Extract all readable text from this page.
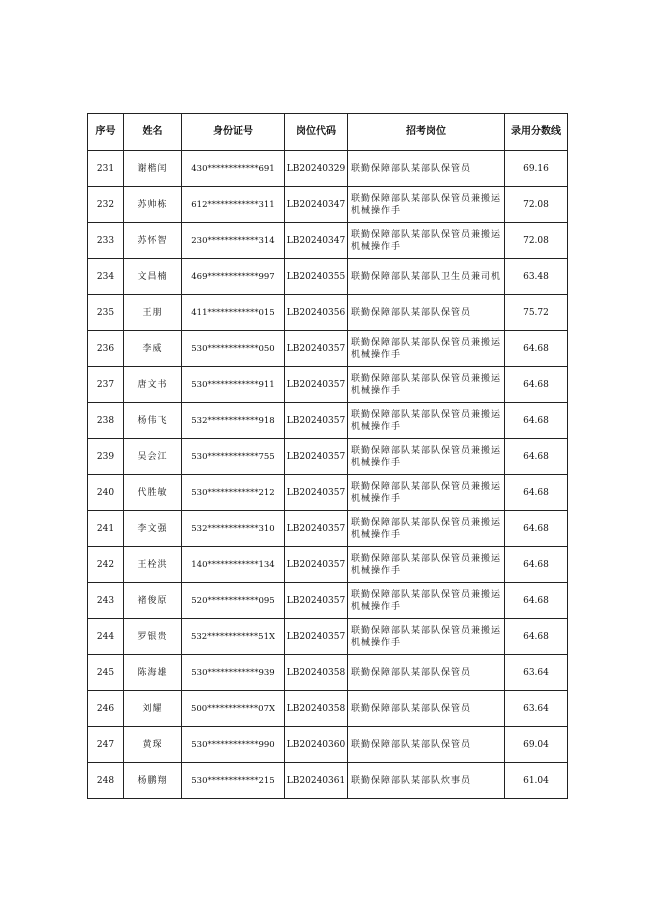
序号	姓名	身份证号	岗位代码	招考岗位	录用分数线
231	谢楷闰	430************691	LB20240329	联勤保障部队某部队保管员	69.16
232	苏帅栋	612************311	LB20240347	联勤保障部队某部队保管员兼搬运机械操作手	72.08
233	苏怀智	230************314	LB20240347	联勤保障部队某部队保管员兼搬运机械操作手	72.08
234	文昌楠	469************997	LB20240355	联勤保障部队某部队卫生员兼司机	63.48
235	王朋	411************015	LB20240356	联勤保障部队某部队保管员	75.72
236	李威	530************050	LB20240357	联勤保障部队某部队保管员兼搬运机械操作手	64.68
237	唐文书	530************911	LB20240357	联勤保障部队某部队保管员兼搬运机械操作手	64.68
238	杨伟飞	532************918	LB20240357	联勤保障部队某部队保管员兼搬运机械操作手	64.68
239	吴会江	530************755	LB20240357	联勤保障部队某部队保管员兼搬运机械操作手	64.68
240	代胜敏	530************212	LB20240357	联勤保障部队某部队保管员兼搬运机械操作手	64.68
241	李文强	532************310	LB20240357	联勤保障部队某部队保管员兼搬运机械操作手	64.68
242	王栓洪	140************134	LB20240357	联勤保障部队某部队保管员兼搬运机械操作手	64.68
243	褚俊原	520************095	LB20240357	联勤保障部队某部队保管员兼搬运机械操作手	64.68
244	罗银贵	532************51X	LB20240357	联勤保障部队某部队保管员兼搬运机械操作手	64.68
245	陈海雄	530************939	LB20240358	联勤保障部队某部队保管员	63.64
246	刘耀	500************07X	LB20240358	联勤保障部队某部队保管员	63.64
247	黄琛	530************990	LB20240360	联勤保障部队某部队保管员	69.04
248	杨鹏翔	530************215	LB20240361	联勤保障部队某部队炊事员	61.04
